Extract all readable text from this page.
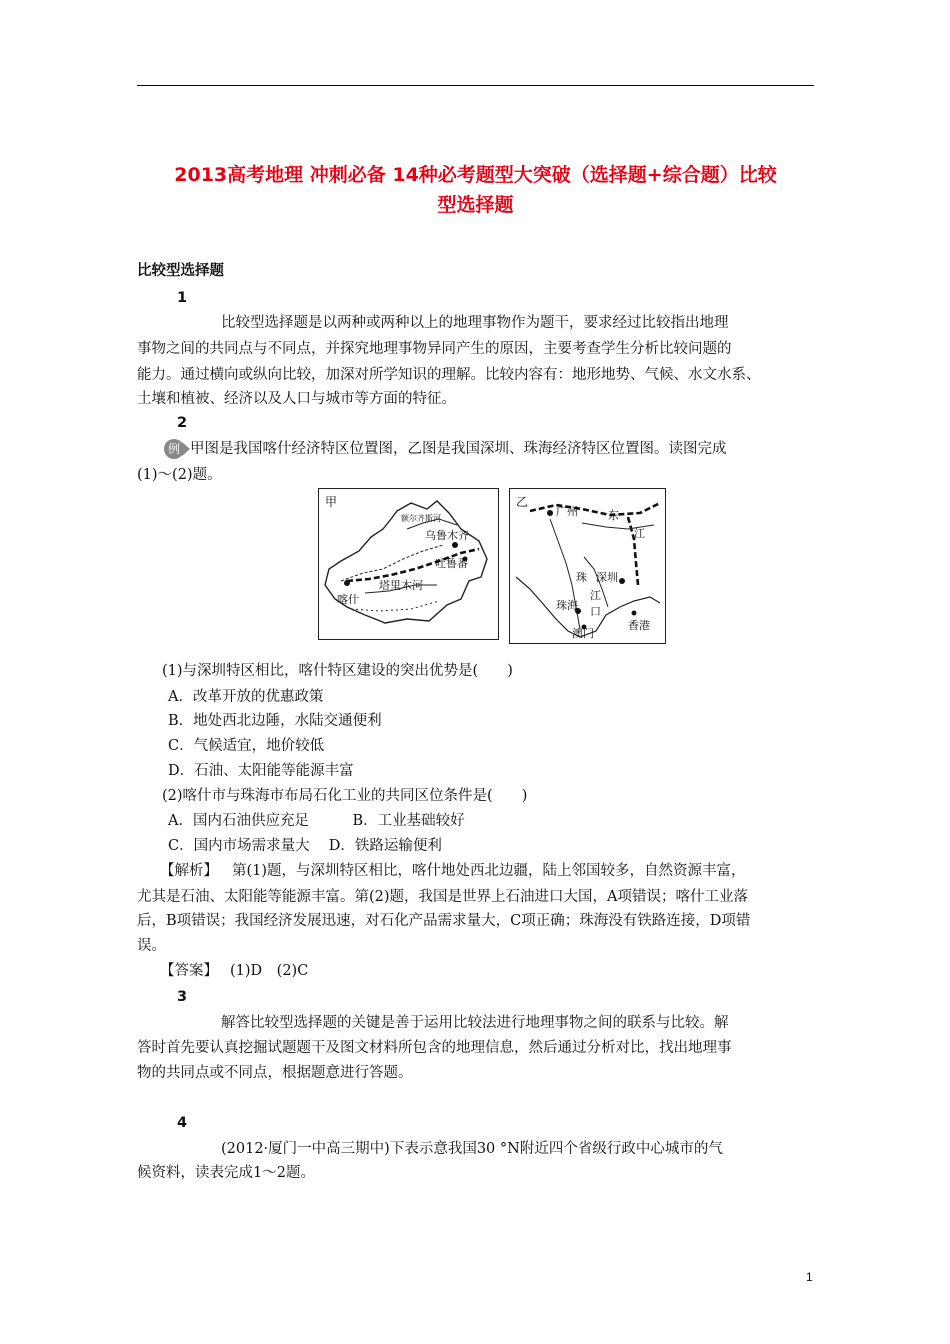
2013高考地理 冲刺必备 14种必考题型大突破（选择题+综合题）比较
型选择题
比较型选择题
1
比较型选择题是以两种或两种以上的地理事物作为题干，要求经过比较指出地理
事物之间的共同点与不同点，并探究地理事物异同产生的原因，主要考查学生分析比较问题的
能力。通过横向或纵向比较，加深对所学知识的理解。比较内容有：地形地势、气候、水文水系、
土壤和植被、经济以及人口与城市等方面的特征。
2
例 甲图是我国喀什经济特区位置图，乙图是我国深圳、珠海经济特区位置图。读图完成
(1)～(2)题。
甲
额尔齐斯河
乌鲁木齐
吐鲁番
塔里木河
喀什
乙
广州	东
江
珠
江
口
深圳
珠海
香港
澳门
(1)与深圳特区相比，喀什特区建设的突出优势是(　　)
A．改革开放的优惠政策
B．地处西北边陲，水陆交通便利
C．气候适宜，地价较低
D．石油、太阳能等能源丰富
(2)喀什市与珠海市布局石化工业的共同区位条件是(　　)
A．国内石油供应充足　　　B．工业基础较好
C．国内市场需求量大　 D．铁路运输便利
【解析】 第(1)题，与深圳特区相比，喀什地处西北边疆，陆上邻国较多，自然资源丰富，
尤其是石油、太阳能等能源丰富。第(2)题，我国是世界上石油进口大国，A项错误；喀什工业落
后，B项错误；我国经济发展迅速，对石化产品需求量大，C项正确；珠海没有铁路连接，D项错
误。
【答案】 (1)D　(2)C
3
解答比较型选择题的关键是善于运用比较法进行地理事物之间的联系与比较。解
答时首先要认真挖掘试题题干及图文材料所包含的地理信息，然后通过分析对比，找出地理事
物的共同点或不同点，根据题意进行答题。
4
(2012·厦门一中高三期中)下表示意我国30 °N附近四个省级行政中心城市的气
候资料，读表完成1～2题。
1
